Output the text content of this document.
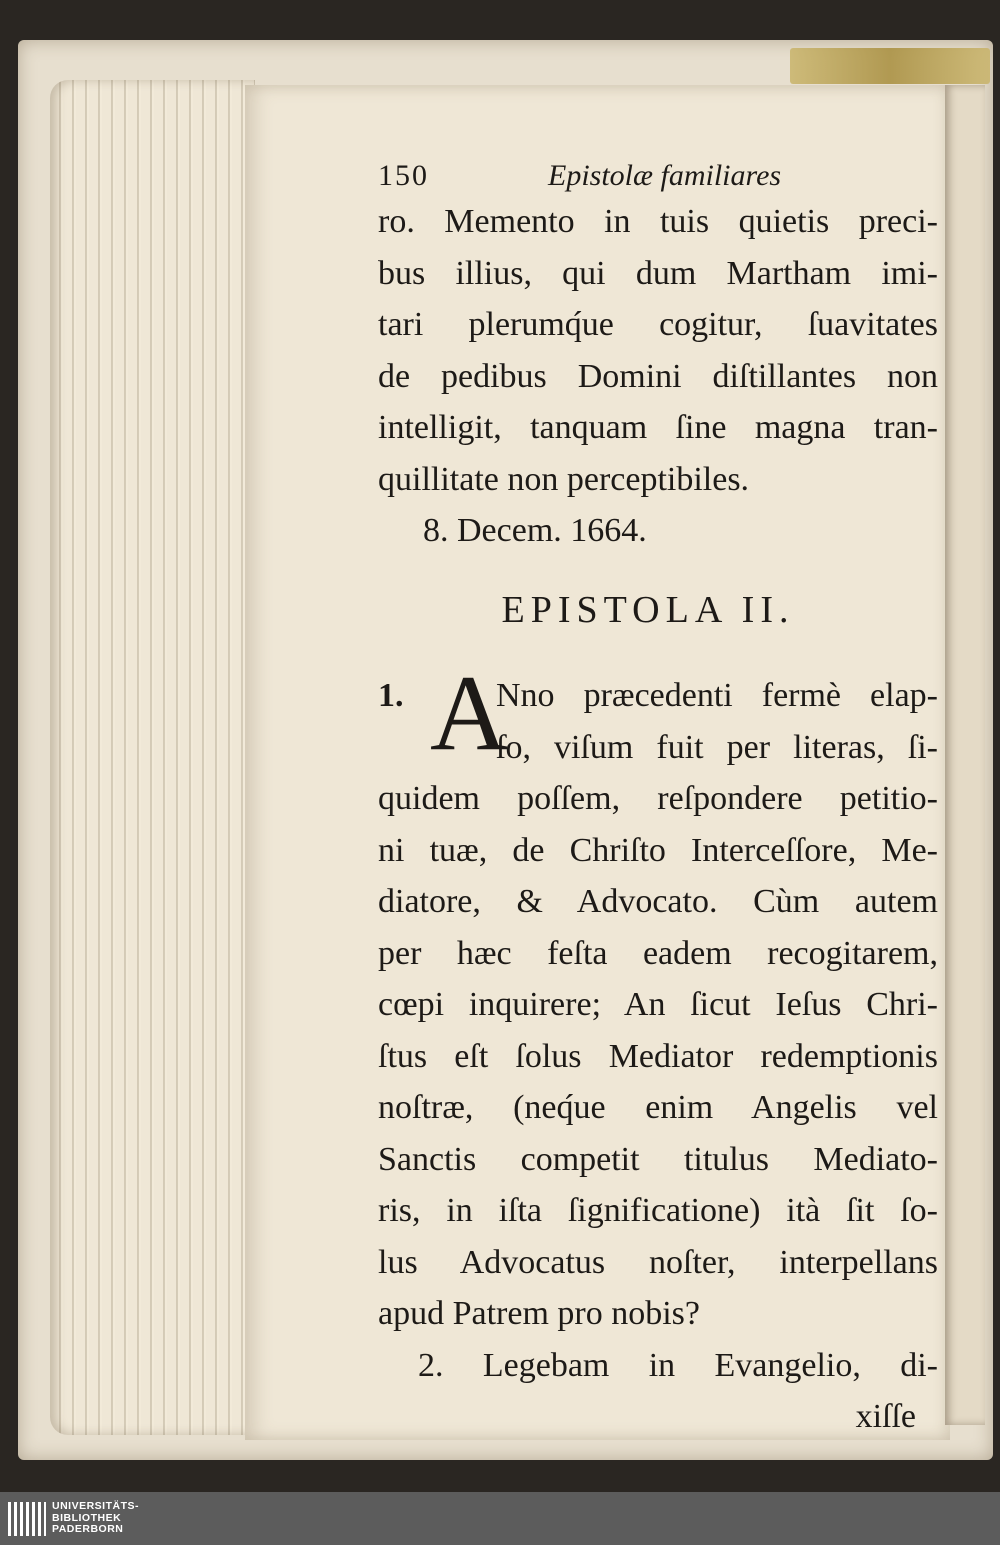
150	Epistolæ familiares
ro. Memento in tuis quietis preci-
bus illius, qui dum Martham imi-
tari plerumq́ue cogitur, ſuavitates
de pedibus Domini diſtillantes non
intelligit, tanquam ſine magna tran-
quillitate non perceptibiles.
8. Decem. 1664.
EPISTOLA II.
1. A
Nno præcedenti fermè elap-
ſo, viſum fuit per literas, ſi-
quidem poſſem, reſpondere petitio-
ni tuæ, de Chriſto Interceſſore, Me-
diatore, & Advocato. Cùm autem
per hæc feſta eadem recogitarem,
cœpi inquirere; An ſicut Ieſus Chri-
ſtus eſt ſolus Mediator redemptionis
noſtræ, (neq́ue enim Angelis vel
Sanctis competit titulus Mediato-
ris, in iſta ſignificatione) ità ſit ſo-
lus Advocatus noſter, interpellans
apud Patrem pro nobis?
2. Legebam in Evangelio, di-
xiſſe
UNIVERSITÄTS-
BIBLIOTHEK
PADERBORN
